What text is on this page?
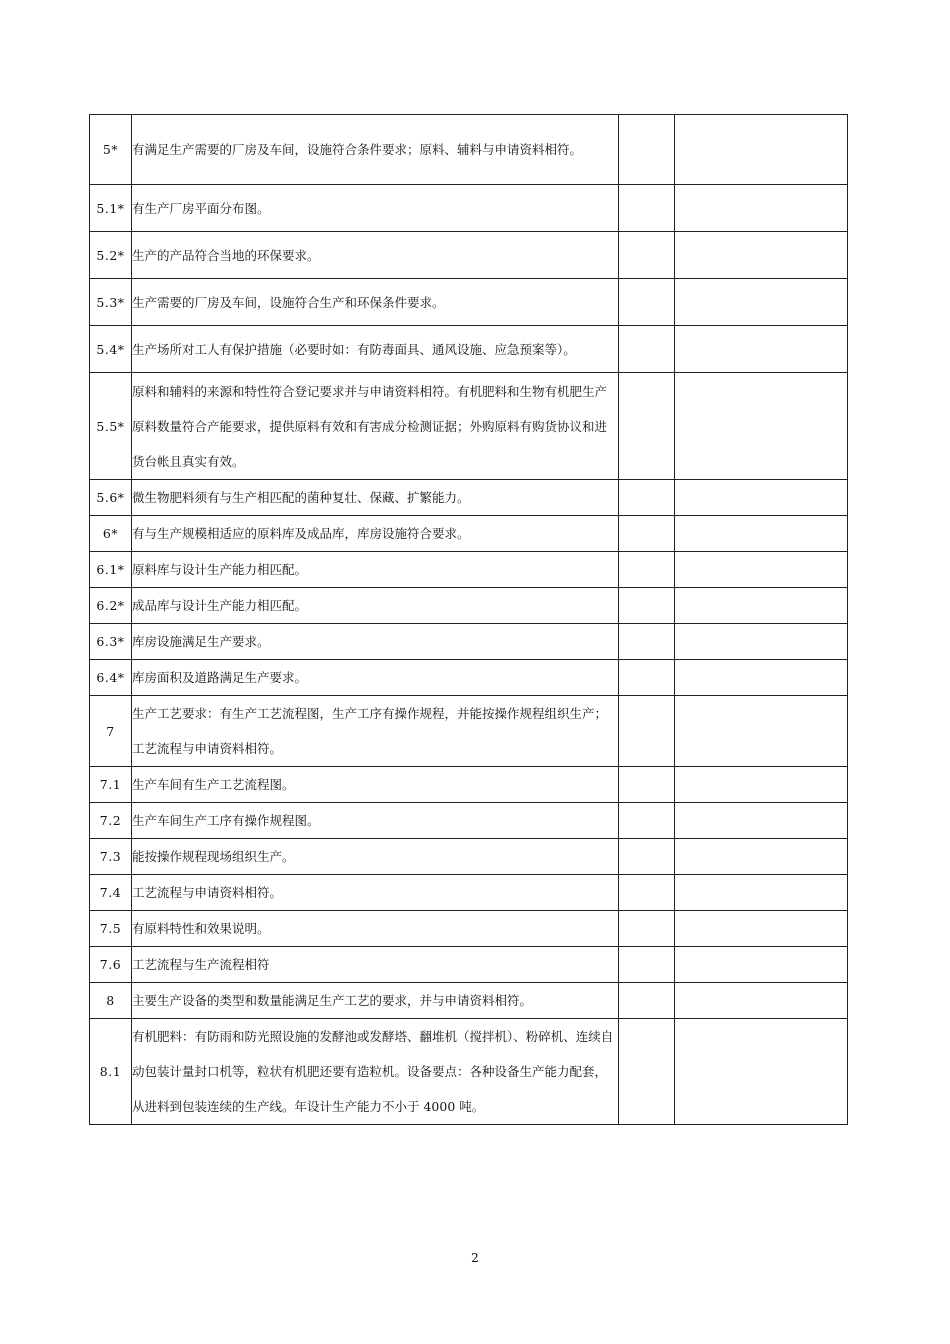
5*	有满足生产需要的厂房及车间，设施符合条件要求；原料、辅料与申请资料相符。		
5.1*	有生产厂房平面分布图。		
5.2*	生产的产品符合当地的环保要求。		
5.3*	生产需要的厂房及车间，设施符合生产和环保条件要求。		
5.4*	生产场所对工人有保护措施（必要时如：有防毒面具、通风设施、应急预案等）。		
5.5*	原料和辅料的来源和特性符合登记要求并与申请资料相符。有机肥料和生物有机肥生产原料数量符合产能要求，提供原料有效和有害成分检测证据；外购原料有购货协议和进货台帐且真实有效。		
5.6*	微生物肥料须有与生产相匹配的菌种复壮、保藏、扩繁能力。		
6*	有与生产规模相适应的原料库及成品库，库房设施符合要求。		
6.1*	原料库与设计生产能力相匹配。		
6.2*	成品库与设计生产能力相匹配。		
6.3*	库房设施满足生产要求。		
6.4*	库房面积及道路满足生产要求。		
7	生产工艺要求：有生产工艺流程图，生产工序有操作规程，并能按操作规程组织生产；工艺流程与申请资料相符。		
7.1	生产车间有生产工艺流程图。		
7.2	生产车间生产工序有操作规程图。		
7.3	能按操作规程现场组织生产。		
7.4	工艺流程与申请资料相符。		
7.5	有原料特性和效果说明。		
7.6	工艺流程与生产流程相符		
8	主要生产设备的类型和数量能满足生产工艺的要求，并与申请资料相符。		
8.1	有机肥料：有防雨和防光照设施的发酵池或发酵塔、翻堆机（搅拌机）、粉碎机、连续自动包装计量封口机等，粒状有机肥还要有造粒机。设备要点：各种设备生产能力配套，从进料到包装连续的生产线。年设计生产能力不小于 4000 吨。		
2
